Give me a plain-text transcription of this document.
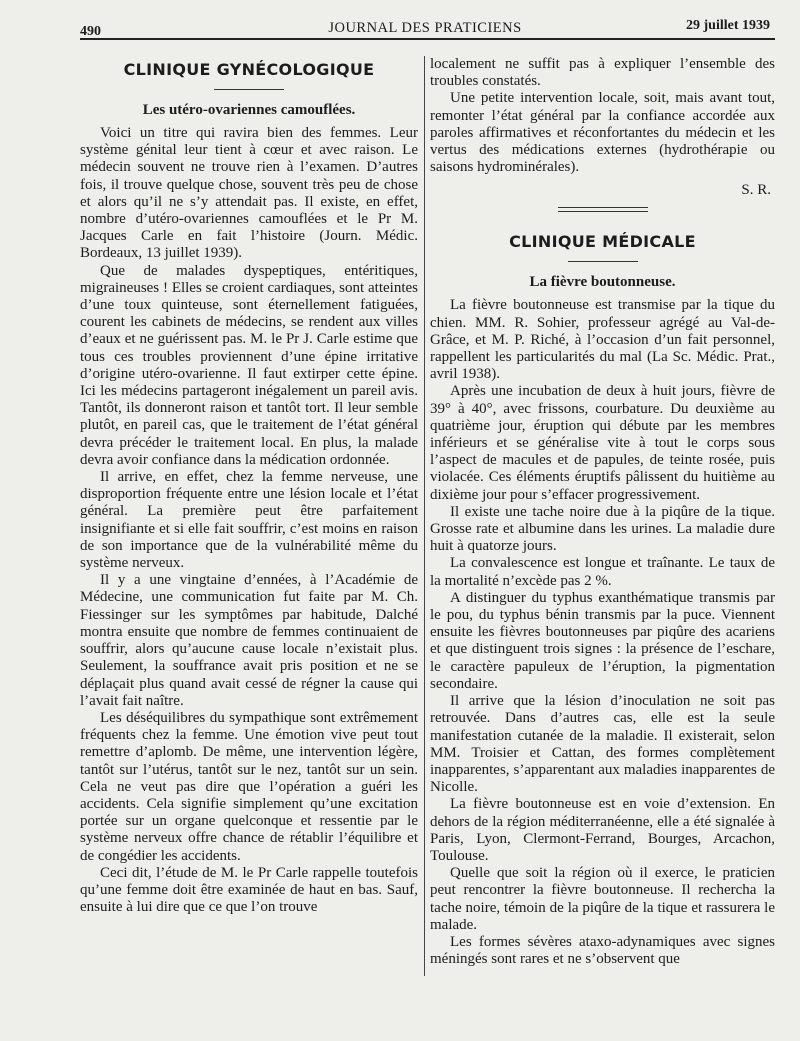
490	JOURNAL DES PRATICIENS	29 juillet 1939
CLINIQUE GYNÉCOLOGIQUE
Les utéro-ovariennes camouflées.

Voici un titre qui ravira bien des femmes. Leur système génital leur tient à cœur et avec raison. Le médecin souvent ne trouve rien à l’examen. D’autres fois, il trouve quelque chose, souvent très peu de chose et alors qu’il ne s’y attendait pas. Il existe, en effet, nombre d’utéro-ovariennes camouflées et le Pr M. Jacques Carle en fait l’histoire (Journ. Médic. Bordeaux, 13 juillet 1939).

Que de malades dyspeptiques, entéritiques, migraineuses ! Elles se croient cardiaques, sont atteintes d’une toux quinteuse, sont éternellement fatiguées, courent les cabinets de médecins, se rendent aux villes d’eaux et ne guérissent pas. M. le Pr J. Carle estime que tous ces troubles proviennent d’une épine irritative d’origine utéro-ovarienne. Il faut extirper cette épine. Ici les médecins partageront inégalement un pareil avis. Tantôt, ils donneront raison et tantôt tort. Il leur semble plutôt, en pareil cas, que le traitement de l’état général devra précéder le traitement local. En plus, la malade devra avoir confiance dans la médication ordonnée.

Il arrive, en effet, chez la femme nerveuse, une disproportion fréquente entre une lésion locale et l’état général. La première peut être parfaitement insignifiante et si elle fait souffrir, c’est moins en raison de son importance que de la vulnérabilité même du système nerveux.

Il y a une vingtaine d’ennées, à l’Académie de Médecine, une communication fut faite par M. Ch. Fiessinger sur les symptômes par habitude, Dalché montra ensuite que nombre de femmes continuaient de souffrir, alors qu’aucune cause locale n’existait plus. Seulement, la souffrance avait pris position et ne se déplaçait plus quand avait cessé de régner la cause qui l’avait fait naître.

Les déséquilibres du sympathique sont extrêmement fréquents chez la femme. Une émotion vive peut tout remettre d’aplomb. De même, une intervention légère, tantôt sur l’utérus, tantôt sur le nez, tantôt sur un sein. Cela ne veut pas dire que l’opération a guéri les accidents. Cela signifie simplement qu’une excitation portée sur un organe quelconque et ressentie par le système nerveux offre chance de rétablir l’équilibre et de congédier les accidents.

Ceci dit, l’étude de M. le Pr Carle rappelle toutefois qu’une femme doit être examinée de haut en bas. Sauf, ensuite à lui dire que ce que l’on trouve

localement ne suffit pas à expliquer l’ensemble des troubles constatés.

Une petite intervention locale, soit, mais avant tout, remonter l’état général par la confiance accordée aux paroles affirmatives et réconfortantes du médecin et les vertus des médications externes (hydrothérapie ou saisons hydrominérales).

S. R.
CLINIQUE MÉDICALE
La fièvre boutonneuse.

La fièvre boutonneuse est transmise par la tique du chien. MM. R. Sohier, professeur agrégé au Val-de-Grâce, et M. P. Riché, à l’occasion d’un fait personnel, rappellent les particularités du mal (La Sc. Médic. Prat., avril 1938).

Après une incubation de deux à huit jours, fièvre de 39° à 40°, avec frissons, courbature. Du deuxième au quatrième jour, éruption qui débute par les membres inférieurs et se généralise vite à tout le corps sous l’aspect de macules et de papules, de teinte rosée, puis violacée. Ces éléments éruptifs pâlissent du huitième au dixième jour pour s’effacer progressivement.

Il existe une tache noire due à la piqûre de la tique. Grosse rate et albumine dans les urines. La maladie dure huit à quatorze jours.

La convalescence est longue et traînante. Le taux de la mortalité n’excède pas 2 %.

A distinguer du typhus exanthématique transmis par le pou, du typhus bénin transmis par la puce. Viennent ensuite les fièvres boutonneuses par piqûre des acariens et que distinguent trois signes : la présence de l’eschare, le caractère papuleux de l’éruption, la pigmentation secondaire.

Il arrive que la lésion d’inoculation ne soit pas retrouvée. Dans d’autres cas, elle est la seule manifestation cutanée de la maladie. Il existerait, selon MM. Troisier et Cattan, des formes complètement inapparentes, s’apparentant aux maladies inapparentes de Nicolle.

La fièvre boutonneuse est en voie d’extension. En dehors de la région méditerranéenne, elle a été signalée à Paris, Lyon, Clermont-Ferrand, Bourges, Arcachon, Toulouse.

Quelle que soit la région où il exerce, le praticien peut rencontrer la fièvre boutonneuse. Il rechercha la tache noire, témoin de la piqûre de la tique et rassurera le malade.

Les formes sévères ataxo-adynamiques avec signes méningés sont rares et ne s’observent que
